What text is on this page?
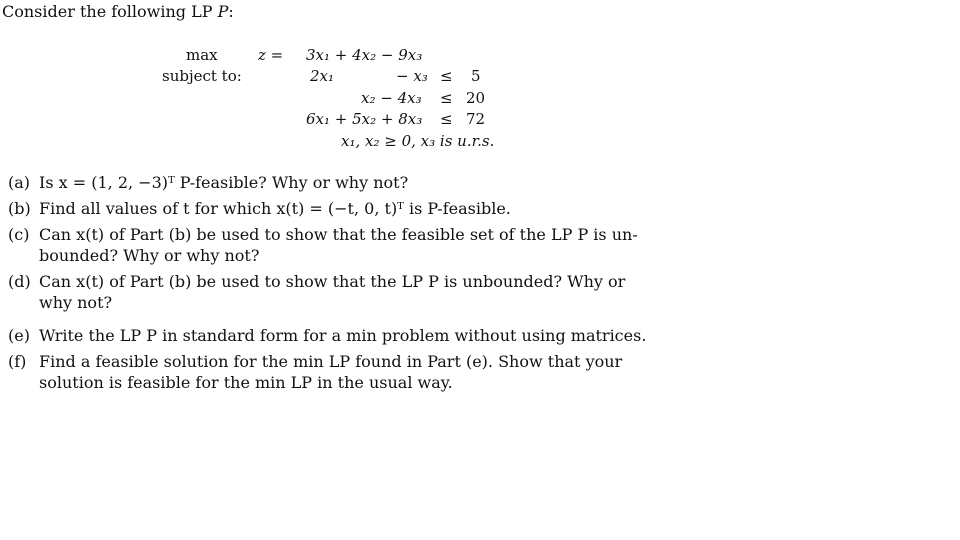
Consider the following LP P:
max	z = 3x₁ + 4x₂ − 9x₃
subject to:	2x₁	− x₃ ≤ 5
x₂ − 4x₃ ≤ 20
6x₁ + 5x₂ + 8x₃ ≤ 72
x₁, x₂ ≥ 0, x₃ is u.r.s.
(a) Is x = (1, 2, −3)ᵀ P-feasible? Why or why not?
(b) Find all values of t for which x(t) = (−t, 0, t)ᵀ is P-feasible.
(c) Can x(t) of Part (b) be used to show that the feasible set of the LP P is un-bounded? Why or why not?
(d) Can x(t) of Part (b) be used to show that the LP P is unbounded? Why or why not?
(e) Write the LP P in standard form for a min problem without using matrices.
(f) Find a feasible solution for the min LP found in Part (e). Show that your solution is feasible for the min LP in the usual way.
